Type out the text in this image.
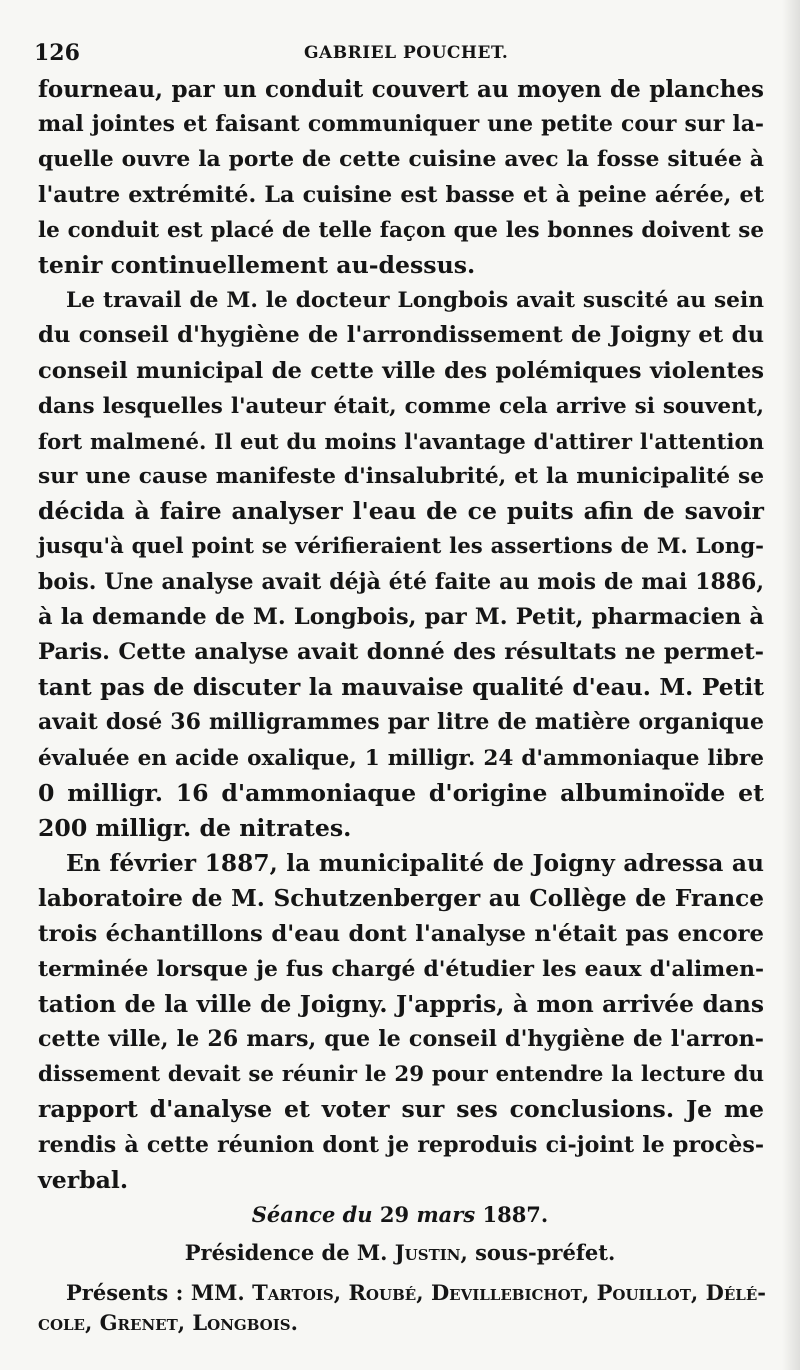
126	GABRIEL POUCHET.
fourneau, par un conduit couvert au moyen de planches
mal jointes et faisant communiquer une petite cour sur la-
quelle ouvre la porte de cette cuisine avec la fosse située à
l'autre extrémité. La cuisine est basse et à peine aérée, et
le conduit est placé de telle façon que les bonnes doivent se
tenir continuellement au-dessus.
Le travail de M. le docteur Longbois avait suscité au sein
du conseil d'hygiène de l'arrondissement de Joigny et du
conseil municipal de cette ville des polémiques violentes
dans lesquelles l'auteur était, comme cela arrive si souvent,
fort malmené. Il eut du moins l'avantage d'attirer l'attention
sur une cause manifeste d'insalubrité, et la municipalité se
décida à faire analyser l'eau de ce puits afin de savoir
jusqu'à quel point se vérifieraient les assertions de M. Long-
bois. Une analyse avait déjà été faite au mois de mai 1886,
à la demande de M. Longbois, par M. Petit, pharmacien à
Paris. Cette analyse avait donné des résultats ne permet-
tant pas de discuter la mauvaise qualité d'eau. M. Petit
avait dosé 36 milligrammes par litre de matière organique
évaluée en acide oxalique, 1 milligr. 24 d'ammoniaque libre
0 milligr. 16 d'ammoniaque d'origine albuminoïde et
200 milligr. de nitrates.
En février 1887, la municipalité de Joigny adressa au
laboratoire de M. Schutzenberger au Collège de France
trois échantillons d'eau dont l'analyse n'était pas encore
terminée lorsque je fus chargé d'étudier les eaux d'alimen-
tation de la ville de Joigny. J'appris, à mon arrivée dans
cette ville, le 26 mars, que le conseil d'hygiène de l'arron-
dissement devait se réunir le 29 pour entendre la lecture du
rapport d'analyse et voter sur ses conclusions. Je me
rendis à cette réunion dont je reproduis ci-joint le procès-
verbal.
Séance du 29 mars 1887.
Présidence de M. Justin, sous-préfet.
Présents : MM. Tartois, Roubé, Devillebichot, Pouillot, Délé-
cole, Grenet, Longbois.
